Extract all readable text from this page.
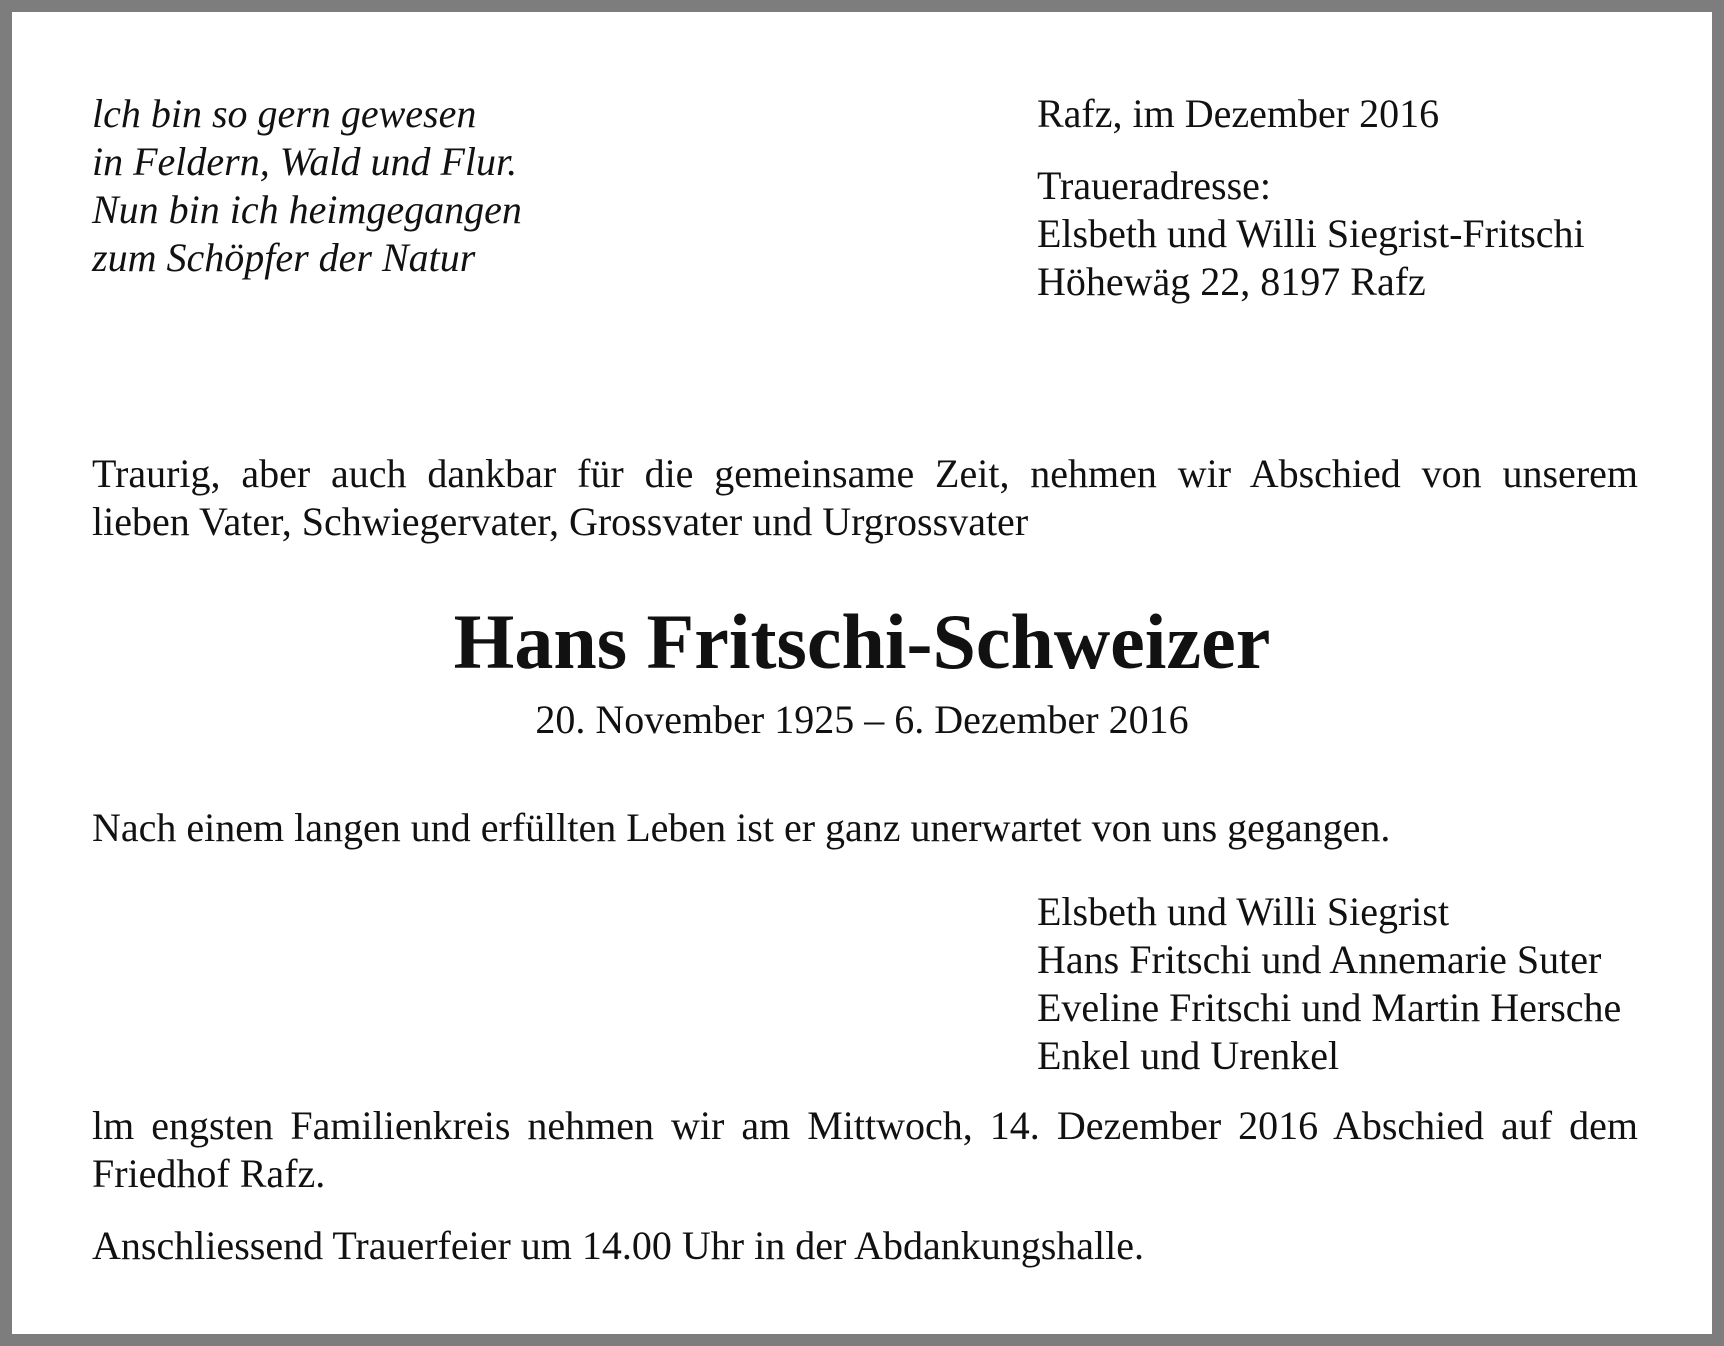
lch bin so gern gewesen
in Feldern, Wald und Flur.
Nun bin ich heimgegangen
zum Schöpfer der Natur
Rafz, im Dezember 2016
Traueradresse:
Elsbeth und Willi Siegrist-Fritschi
Höhewäg 22, 8197 Rafz
Traurig, aber auch dankbar für die gemeinsame Zeit, nehmen wir Abschied von unserem
lieben Vater, Schwiegervater, Grossvater und Urgrossvater
Hans Fritschi-Schweizer
20. November 1925 – 6. Dezember 2016
Nach einem langen und erfüllten Leben ist er ganz unerwartet von uns gegangen.
Elsbeth und Willi Siegrist
Hans Fritschi und Annemarie Suter
Eveline Fritschi und Martin Hersche
Enkel und Urenkel
lm engsten Familienkreis nehmen wir am Mittwoch, 14. Dezember 2016 Abschied auf dem
Friedhof Rafz.
Anschliessend Trauerfeier um 14.00 Uhr in der Abdankungshalle.
